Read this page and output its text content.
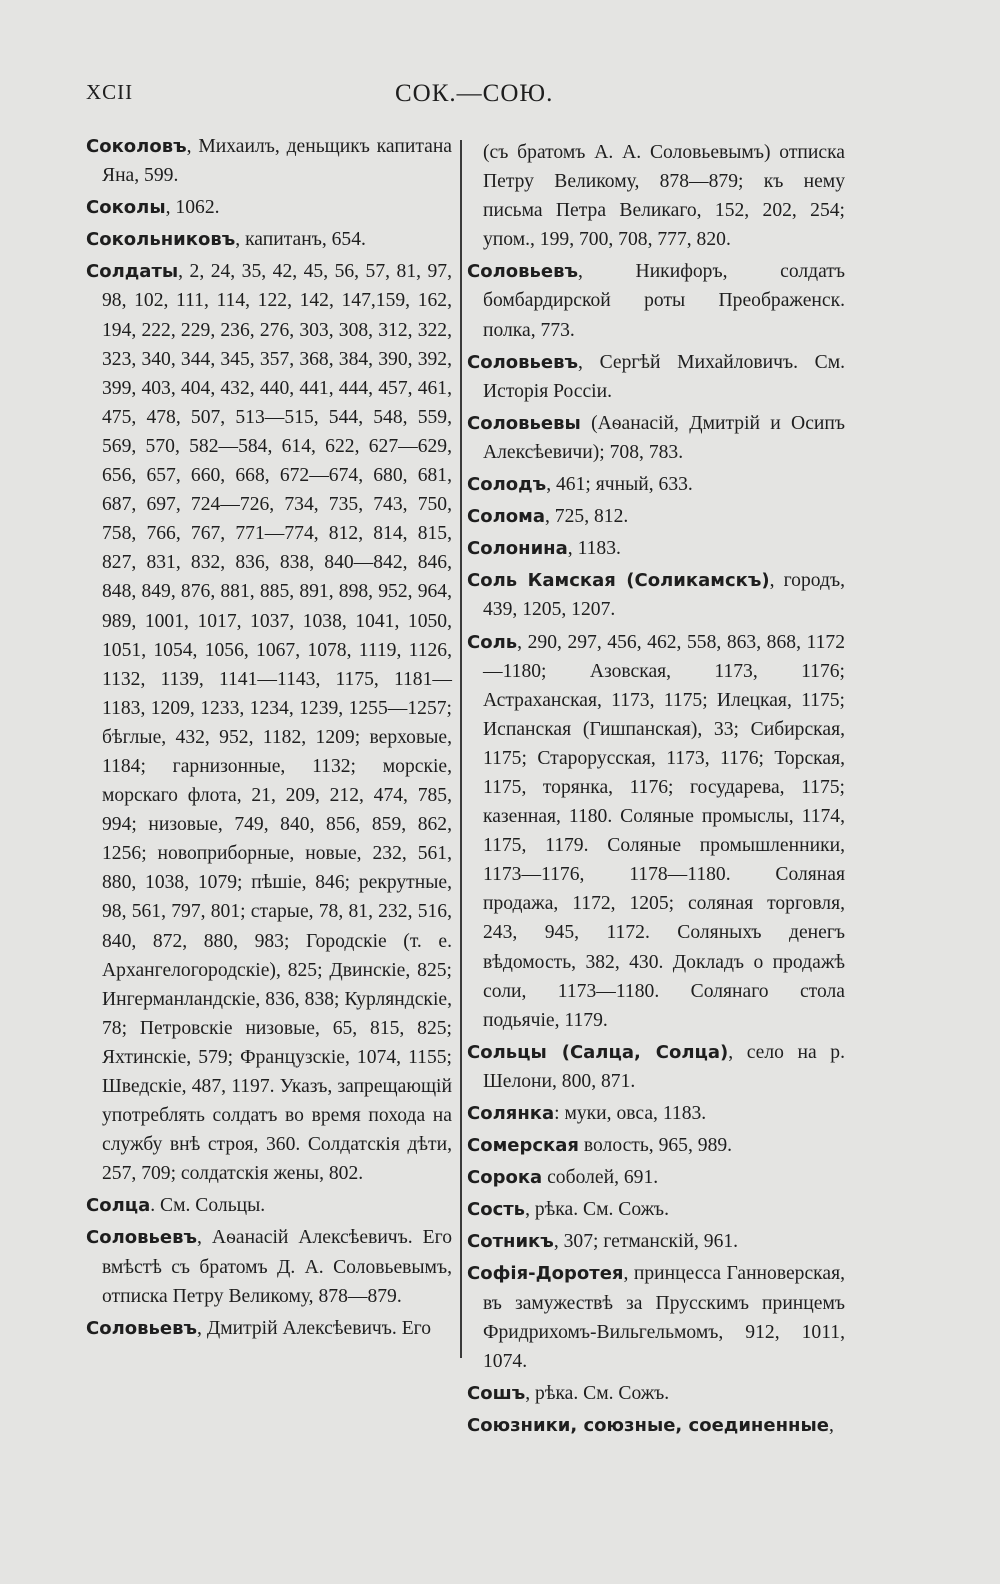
XCII	СОК.—СОЮ.

Соколовъ, Михаилъ, деньщикъ капитана Яна, 599.

Соколы, 1062.

Сокольниковъ, капитанъ, 654.

Солдаты, 2, 24, 35, 42, 45, 56, 57, 81, 97, 98, 102, 111, 114, 122, 142, 147,159, 162, 194, 222, 229, 236, 276, 303, 308, 312, 322, 323, 340, 344, 345, 357, 368, 384, 390, 392, 399, 403, 404, 432, 440, 441, 444, 457, 461, 475, 478, 507, 513—515, 544, 548, 559, 569, 570, 582—584, 614, 622, 627—629, 656, 657, 660, 668, 672—674, 680, 681, 687, 697, 724—726, 734, 735, 743, 750, 758, 766, 767, 771—774, 812, 814, 815, 827, 831, 832, 836, 838, 840—842, 846, 848, 849, 876, 881, 885, 891, 898, 952, 964, 989, 1001, 1017, 1037, 1038, 1041, 1050, 1051, 1054, 1056, 1067, 1078, 1119, 1126, 1132, 1139, 1141—1143, 1175, 1181—1183, 1209, 1233, 1234, 1239, 1255—1257; бѣглые, 432, 952, 1182, 1209; верховые, 1184; гарнизонные, 1132; морскіе, морскаго флота, 21, 209, 212, 474, 785, 994; низовые, 749, 840, 856, 859, 862, 1256; новоприборные, новые, 232, 561, 880, 1038, 1079; пѣшіе, 846; рекрутные, 98, 561, 797, 801; старые, 78, 81, 232, 516, 840, 872, 880, 983; Городскіе (т. е. Архангелогородскіе), 825; Двинскіе, 825; Ингерманландскіе, 836, 838; Курляндскіе, 78; Петровскіе низовые, 65, 815, 825; Яхтинскіе, 579; Французскіе, 1074, 1155; Шведскіе, 487, 1197. Указъ, запрещающій употреблять солдатъ во время похода на службу внѣ строя, 360. Солдатскія дѣти, 257, 709; солдатскія жены, 802.

Солца. См. Сольцы.

Соловьевъ, Аѳанасій Алексѣевичъ. Его вмѣстѣ съ братомъ Д. А. Соловьевымъ, отписка Петру Великому, 878—879.

Соловьевъ, Дмитрій Алексѣевичъ. Его

(съ братомъ А. А. Соловьевымъ) отписка Петру Великому, 878—879; къ нему письма Петра Великаго, 152, 202, 254; упом., 199, 700, 708, 777, 820.

Соловьевъ, Никифоръ, солдатъ бомбардирской роты Преображенск. полка, 773.

Соловьевъ, Сергѣй Михайловичъ. См. Исторія Россіи.

Соловьевы (Аѳанасій, Дмитрій и Осипъ Алексѣевичи); 708, 783.

Солодъ, 461; ячный, 633.

Солома, 725, 812.

Солонина, 1183.

Соль Камская (Соликамскъ), городъ, 439, 1205, 1207.

Соль, 290, 297, 456, 462, 558, 863, 868, 1172—1180; Азовская, 1173, 1176; Астраханская, 1173, 1175; Илецкая, 1175; Испанская (Гишпанская), 33; Сибирская, 1175; Старорусская, 1173, 1176; Торская, 1175, торянка, 1176; государева, 1175; казенная, 1180. Соляные промыслы, 1174, 1175, 1179. Соляные промышленники, 1173—1176, 1178—1180. Соляная продажа, 1172, 1205; соляная торговля, 243, 945, 1172. Соляныхъ денегъ вѣдомость, 382, 430. Докладъ о продажѣ соли, 1173—1180. Солянаго стола подьячіе, 1179.

Сольцы (Салца, Солца), село на р. Шелони, 800, 871.

Солянка: муки, овса, 1183.

Сомерская волость, 965, 989.

Сорока соболей, 691.

Сость, рѣка. См. Сожъ.

Сотникъ, 307; гетманскій, 961.

Софія-Доротея, принцесса Ганноверская, въ замужествѣ за Прусскимъ принцемъ Фридрихомъ-Вильгельмомъ, 912, 1011, 1074.

Сошъ, рѣка. См. Сожъ.

Союзники, союзные, соединенные,
